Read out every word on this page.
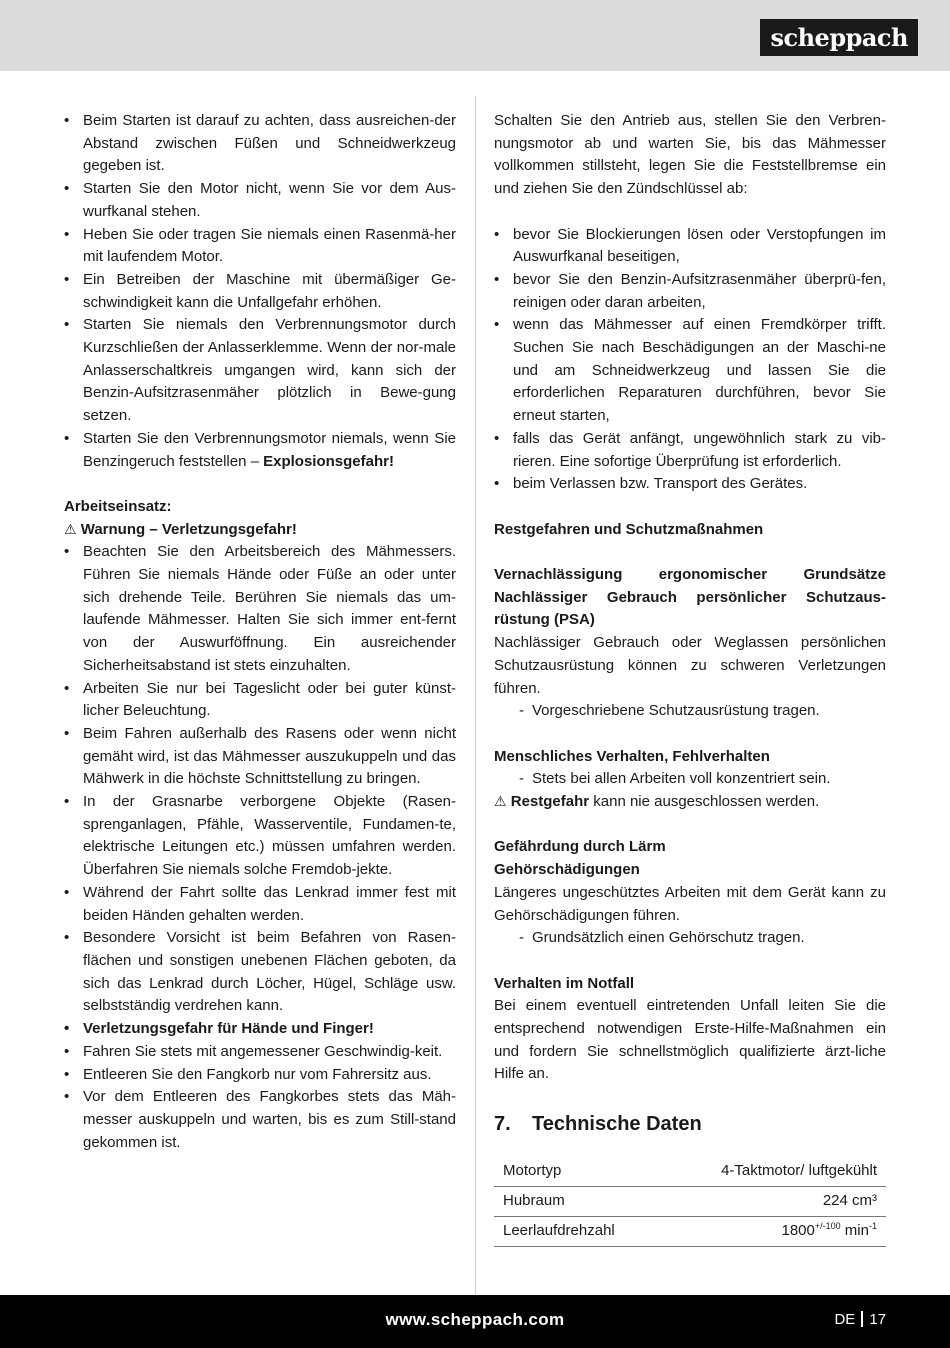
scheppach
• Beim Starten ist darauf zu achten, dass ausreichen-der Abstand zwischen Füßen und Schneidwerkzeug gegeben ist.
• Starten Sie den Motor nicht, wenn Sie vor dem Aus-wurfkanal stehen.
• Heben Sie oder tragen Sie niemals einen Rasenmä-her mit laufendem Motor.
• Ein Betreiben der Maschine mit übermäßiger Ge-schwindigkeit kann die Unfallgefahr erhöhen.
• Starten Sie niemals den Verbrennungsmotor durch Kurzschließen der Anlasserklemme. Wenn der nor-male Anlasserschaltkreis umgangen wird, kann sich der Benzin-Aufsitzrasenmäher plötzlich in Bewe-gung setzen.
• Starten Sie den Verbrennungsmotor niemals, wenn Sie Benzingeruch feststellen – Explosionsgefahr!
Arbeitseinsatz:
⚠ Warnung – Verletzungsgefahr!
• Beachten Sie den Arbeitsbereich des Mähmessers. Führen Sie niemals Hände oder Füße an oder unter sich drehende Teile. Berühren Sie niemals das um-laufende Mähmesser. Halten Sie sich immer ent-fernt von der Auswurföffnung. Ein ausreichender Sicherheitsabstand ist stets einzuhalten.
• Arbeiten Sie nur bei Tageslicht oder bei guter künst-licher Beleuchtung.
• Beim Fahren außerhalb des Rasens oder wenn nicht gemäht wird, ist das Mähmesser auszukuppeln und das Mähwerk in die höchste Schnittstellung zu bringen.
• In der Grasnarbe verborgene Objekte (Rasen-sprenganlagen, Pfähle, Wasserventile, Fundamen-te, elektrische Leitungen etc.) müssen umfahren werden. Überfahren Sie niemals solche Fremdob-jekte.
• Während der Fahrt sollte das Lenkrad immer fest mit beiden Händen gehalten werden.
• Besondere Vorsicht ist beim Befahren von Rasen-flächen und sonstigen unebenen Flächen geboten, da sich das Lenkrad durch Löcher, Hügel, Schläge usw. selbstständig verdrehen kann.
• Verletzungsgefahr für Hände und Finger!
• Fahren Sie stets mit angemessener Geschwindig-keit.
• Entleeren Sie den Fangkorb nur vom Fahrersitz aus.
• Vor dem Entleeren des Fangkorbes stets das Mäh-messer auskuppeln und warten, bis es zum Still-stand gekommen ist.
Schalten Sie den Antrieb aus, stellen Sie den Verbren-nungsmotor ab und warten Sie, bis das Mähmesser vollkommen stillsteht, legen Sie die Feststellbremse ein und ziehen Sie den Zündschlüssel ab:
• bevor Sie Blockierungen lösen oder Verstopfungen im Auswurfkanal beseitigen,
• bevor Sie den Benzin-Aufsitzrasenmäher überprü-fen, reinigen oder daran arbeiten,
• wenn das Mähmesser auf einen Fremdkörper trifft. Suchen Sie nach Beschädigungen an der Maschi-ne und am Schneidwerkzeug und lassen Sie die erforderlichen Reparaturen durchführen, bevor Sie erneut starten,
• falls das Gerät anfängt, ungewöhnlich stark zu vib-rieren. Eine sofortige Überprüfung ist erforderlich.
• beim Verlassen bzw. Transport des Gerätes.
Restgefahren und Schutzmaßnahmen
Vernachlässigung ergonomischer Grundsätze Nachlässiger Gebrauch persönlicher Schutzaus-rüstung (PSA)
Nachlässiger Gebrauch oder Weglassen persönlichen Schutzausrüstung können zu schweren Verletzungen führen.
- Vorgeschriebene Schutzausrüstung tragen.
Menschliches Verhalten, Fehlverhalten
- Stets bei allen Arbeiten voll konzentriert sein.
⚠ Restgefahr kann nie ausgeschlossen werden.
Gefährdung durch Lärm
Gehörschädigungen
Längeres ungeschütztes Arbeiten mit dem Gerät kann zu Gehörschädigungen führen.
- Grundsätzlich einen Gehörschutz tragen.
Verhalten im Notfall
Bei einem eventuell eintretenden Unfall leiten Sie die entsprechend notwendigen Erste-Hilfe-Maßnahmen ein und fordern Sie schnellstmöglich qualifizierte ärzt-liche Hilfe an.
7. Technische Daten
Motortyp	4-Taktmotor/ luftgekühlt
Hubraum	224 cm³
Leerlaufdrehzahl	$1800^{+/-100}$ $\min^{-1}$
www.scheppach.com	DE 17
